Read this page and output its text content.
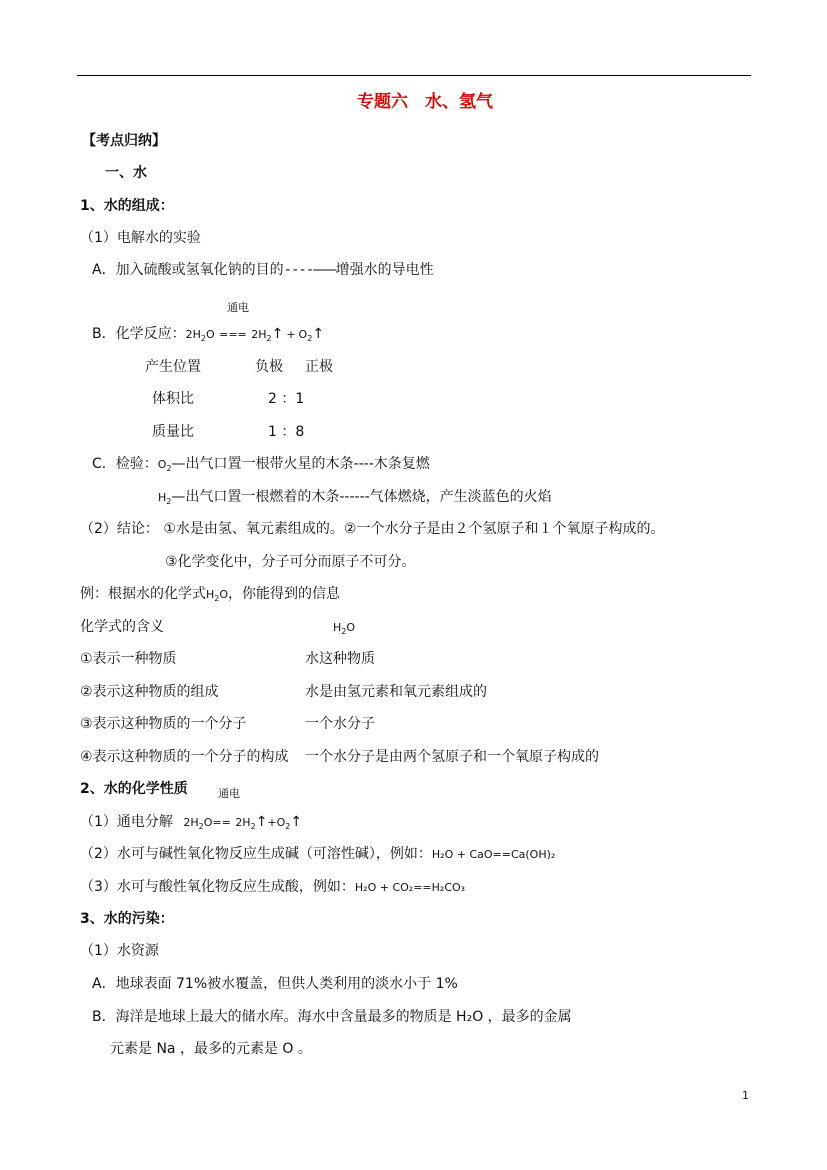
专题六　水、氢气
【考点归纳】
一、水
1、水的组成：
（1）电解水的实验
A．加入硫酸或氢氧化钠的目的----———增强水的导电性
通电
B．化学反应：$2H_2O$ === $2H_2↑$ + $O_2↑$
产生位置	负极 正极
体积比	2 ：1
质量比	1 ：8
C．检验：$O_2—$出气口置一根带火星的木条----木条复燃
$H_2—$出气口置一根燃着的木条------气体燃烧，产生淡蓝色的火焰
（2）结论： ①水是由氢、氧元素组成的。②一个水分子是由２个氢原子和１个氧原子构成的。
③化学变化中，分子可分而原子不可分。
例：根据水的化学式$H_2O$，你能得到的信息
化学式的含义	$H_2O$
①表示一种物质	水这种物质
②表示这种物质的组成	水是由氢元素和氧元素组成的
③表示这种物质的一个分子	一个水分子
④表示这种物质的一个分子的构成 一个水分子是由两个氢原子和一个氧原子构成的
2、水的化学性质	通电
（1）通电分解 $2H_2O==$ $2H_2↑+O_2↑$
（2）水可与碱性氧化物反应生成碱（可溶性碱），例如：H₂O + CaO==Ca(OH)₂
（3）水可与酸性氧化物反应生成酸，例如：H₂O + CO₂==H₂CO₃
3、水的污染：
（1）水资源
A．地球表面 71%被水覆盖，但供人类利用的淡水小于 1%
B．海洋是地球上最大的储水库。海水中含量最多的物质是 H₂O ，最多的金属
元素是 Na ，最多的元素是 O 。
1
